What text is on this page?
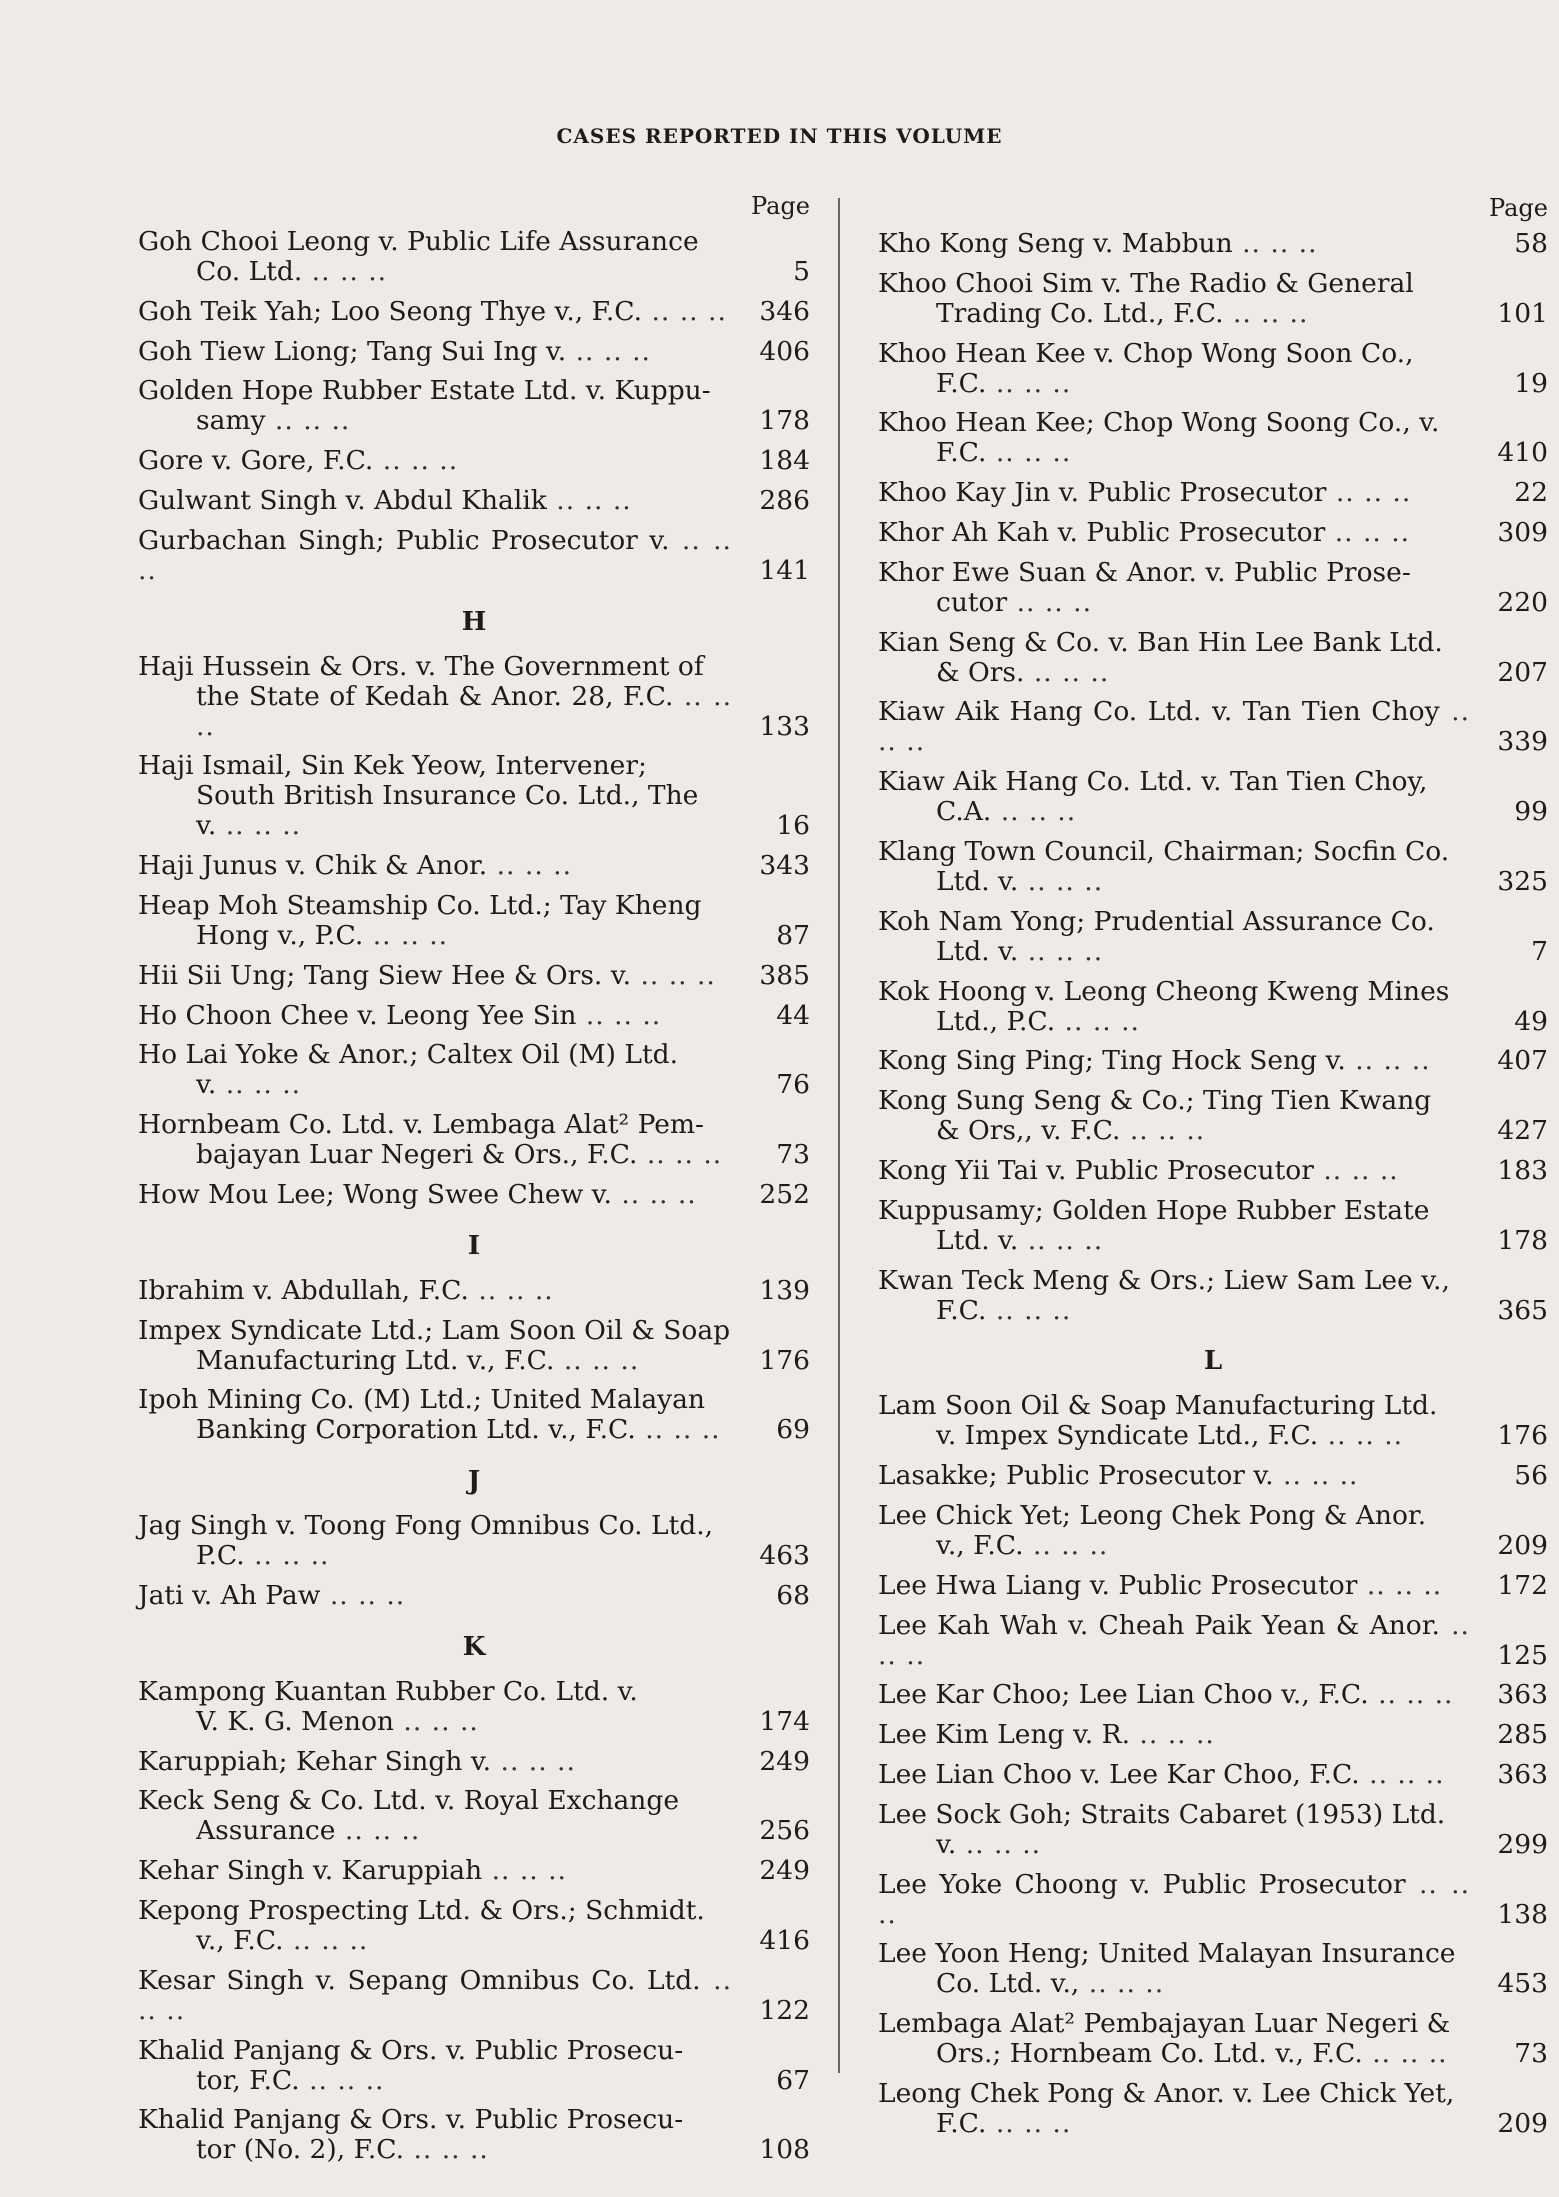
CASES REPORTED IN THIS VOLUME
Page
Goh Chooi Leong v. Public Life Assurance
Co. Ltd. .. .. ..	5
Goh Teik Yah; Loo Seong Thye v., F.C. .. .. .. 346
Goh Tiew Liong; Tang Sui Ing v. .. .. ..	406
Golden Hope Rubber Estate Ltd. v. Kuppu-
samy .. .. ..	178
Gore v. Gore, F.C. .. .. ..	184
Gulwant Singh v. Abdul Khalik .. .. ..	286
Gurbachan Singh; Public Prosecutor v. .. .. ..	141
H
Haji Hussein & Ors. v. The Government of
the State of Kedah & Anor. 28, F.C. .. .. ..	133
Haji Ismail, Sin Kek Yeow, Intervener;
South British Insurance Co. Ltd., The
v. .. .. ..	16
Haji Junus v. Chik & Anor. .. .. ..	343
Heap Moh Steamship Co. Ltd.; Tay Kheng
Hong v., P.C. .. .. ..	87
Hii Sii Ung; Tang Siew Hee & Ors. v. .. .. ..	385
Ho Choon Chee v. Leong Yee Sin .. .. ..	44
Ho Lai Yoke & Anor.; Caltex Oil (M) Ltd.
v. .. .. ..	76
Hornbeam Co. Ltd. v. Lembaga Alat² Pem-
bajayan Luar Negeri & Ors., F.C. .. .. ..	73
How Mou Lee; Wong Swee Chew v. .. .. ..	252
I
Ibrahim v. Abdullah, F.C. .. .. ..	139
Impex Syndicate Ltd.; Lam Soon Oil & Soap
Manufacturing Ltd. v., F.C. .. .. ..	176
Ipoh Mining Co. (M) Ltd.; United Malayan
Banking Corporation Ltd. v., F.C. .. .. ..	69
J
Jag Singh v. Toong Fong Omnibus Co. Ltd.,
P.C. .. .. ..	463
Jati v. Ah Paw .. .. ..	68
K
Kampong Kuantan Rubber Co. Ltd. v.
V. K. G. Menon .. .. ..	174
Karuppiah; Kehar Singh v. .. .. ..	249
Keck Seng & Co. Ltd. v. Royal Exchange
Assurance .. .. ..	256
Kehar Singh v. Karuppiah .. .. ..	249
Kepong Prospecting Ltd. & Ors.; Schmidt.
v., F.C. .. .. ..	416
Kesar Singh v. Sepang Omnibus Co. Ltd. .. .. ..	122
Khalid Panjang & Ors. v. Public Prosecu-
tor, F.C. .. .. ..	67
Khalid Panjang & Ors. v. Public Prosecu-
tor (No. 2), F.C. .. .. ..	108
Page
Kho Kong Seng v. Mabbun .. .. ..	58
Khoo Chooi Sim v. The Radio & General
Trading Co. Ltd., F.C. .. .. ..	101
Khoo Hean Kee v. Chop Wong Soon Co.,
F.C. .. .. ..	19
Khoo Hean Kee; Chop Wong Soong Co., v.
F.C. .. .. ..	410
Khoo Kay Jin v. Public Prosecutor .. .. ..	22
Khor Ah Kah v. Public Prosecutor .. .. ..	309
Khor Ewe Suan & Anor. v. Public Prose-
cutor .. .. ..	220
Kian Seng & Co. v. Ban Hin Lee Bank Ltd.
& Ors. .. .. ..	207
Kiaw Aik Hang Co. Ltd. v. Tan Tien Choy .. .. ..	339
Kiaw Aik Hang Co. Ltd. v. Tan Tien Choy,
C.A. .. .. ..	99
Klang Town Council, Chairman; Socfin Co.
Ltd. v. .. .. ..	325
Koh Nam Yong; Prudential Assurance Co.
Ltd. v. .. .. ..	7
Kok Hoong v. Leong Cheong Kweng Mines
Ltd., P.C. .. .. ..	49
Kong Sing Ping; Ting Hock Seng v. .. .. ..	407
Kong Sung Seng & Co.; Ting Tien Kwang
& Ors,, v. F.C. .. .. ..	427
Kong Yii Tai v. Public Prosecutor .. .. ..	183
Kuppusamy; Golden Hope Rubber Estate
Ltd. v. .. .. ..	178
Kwan Teck Meng & Ors.; Liew Sam Lee v.,
F.C. .. .. ..	365
L
Lam Soon Oil & Soap Manufacturing Ltd.
v. Impex Syndicate Ltd., F.C. .. .. ..	176
Lasakke; Public Prosecutor v. .. .. ..	56
Lee Chick Yet; Leong Chek Pong & Anor.
v., F.C. .. .. ..	209
Lee Hwa Liang v. Public Prosecutor .. .. ..	172
Lee Kah Wah v. Cheah Paik Yean & Anor. .. .. ..	125
Lee Kar Choo; Lee Lian Choo v., F.C. .. .. ..	363
Lee Kim Leng v. R. .. .. ..	285
Lee Lian Choo v. Lee Kar Choo, F.C. .. .. ..	363
Lee Sock Goh; Straits Cabaret (1953) Ltd.
v. .. .. ..	299
Lee Yoke Choong v. Public Prosecutor .. .. ..	138
Lee Yoon Heng; United Malayan Insurance
Co. Ltd. v., .. .. ..	453
Lembaga Alat² Pembajayan Luar Negeri &
Ors.; Hornbeam Co. Ltd. v., F.C. .. .. ..	73
Leong Chek Pong & Anor. v. Lee Chick Yet,
F.C. .. .. ..	209
